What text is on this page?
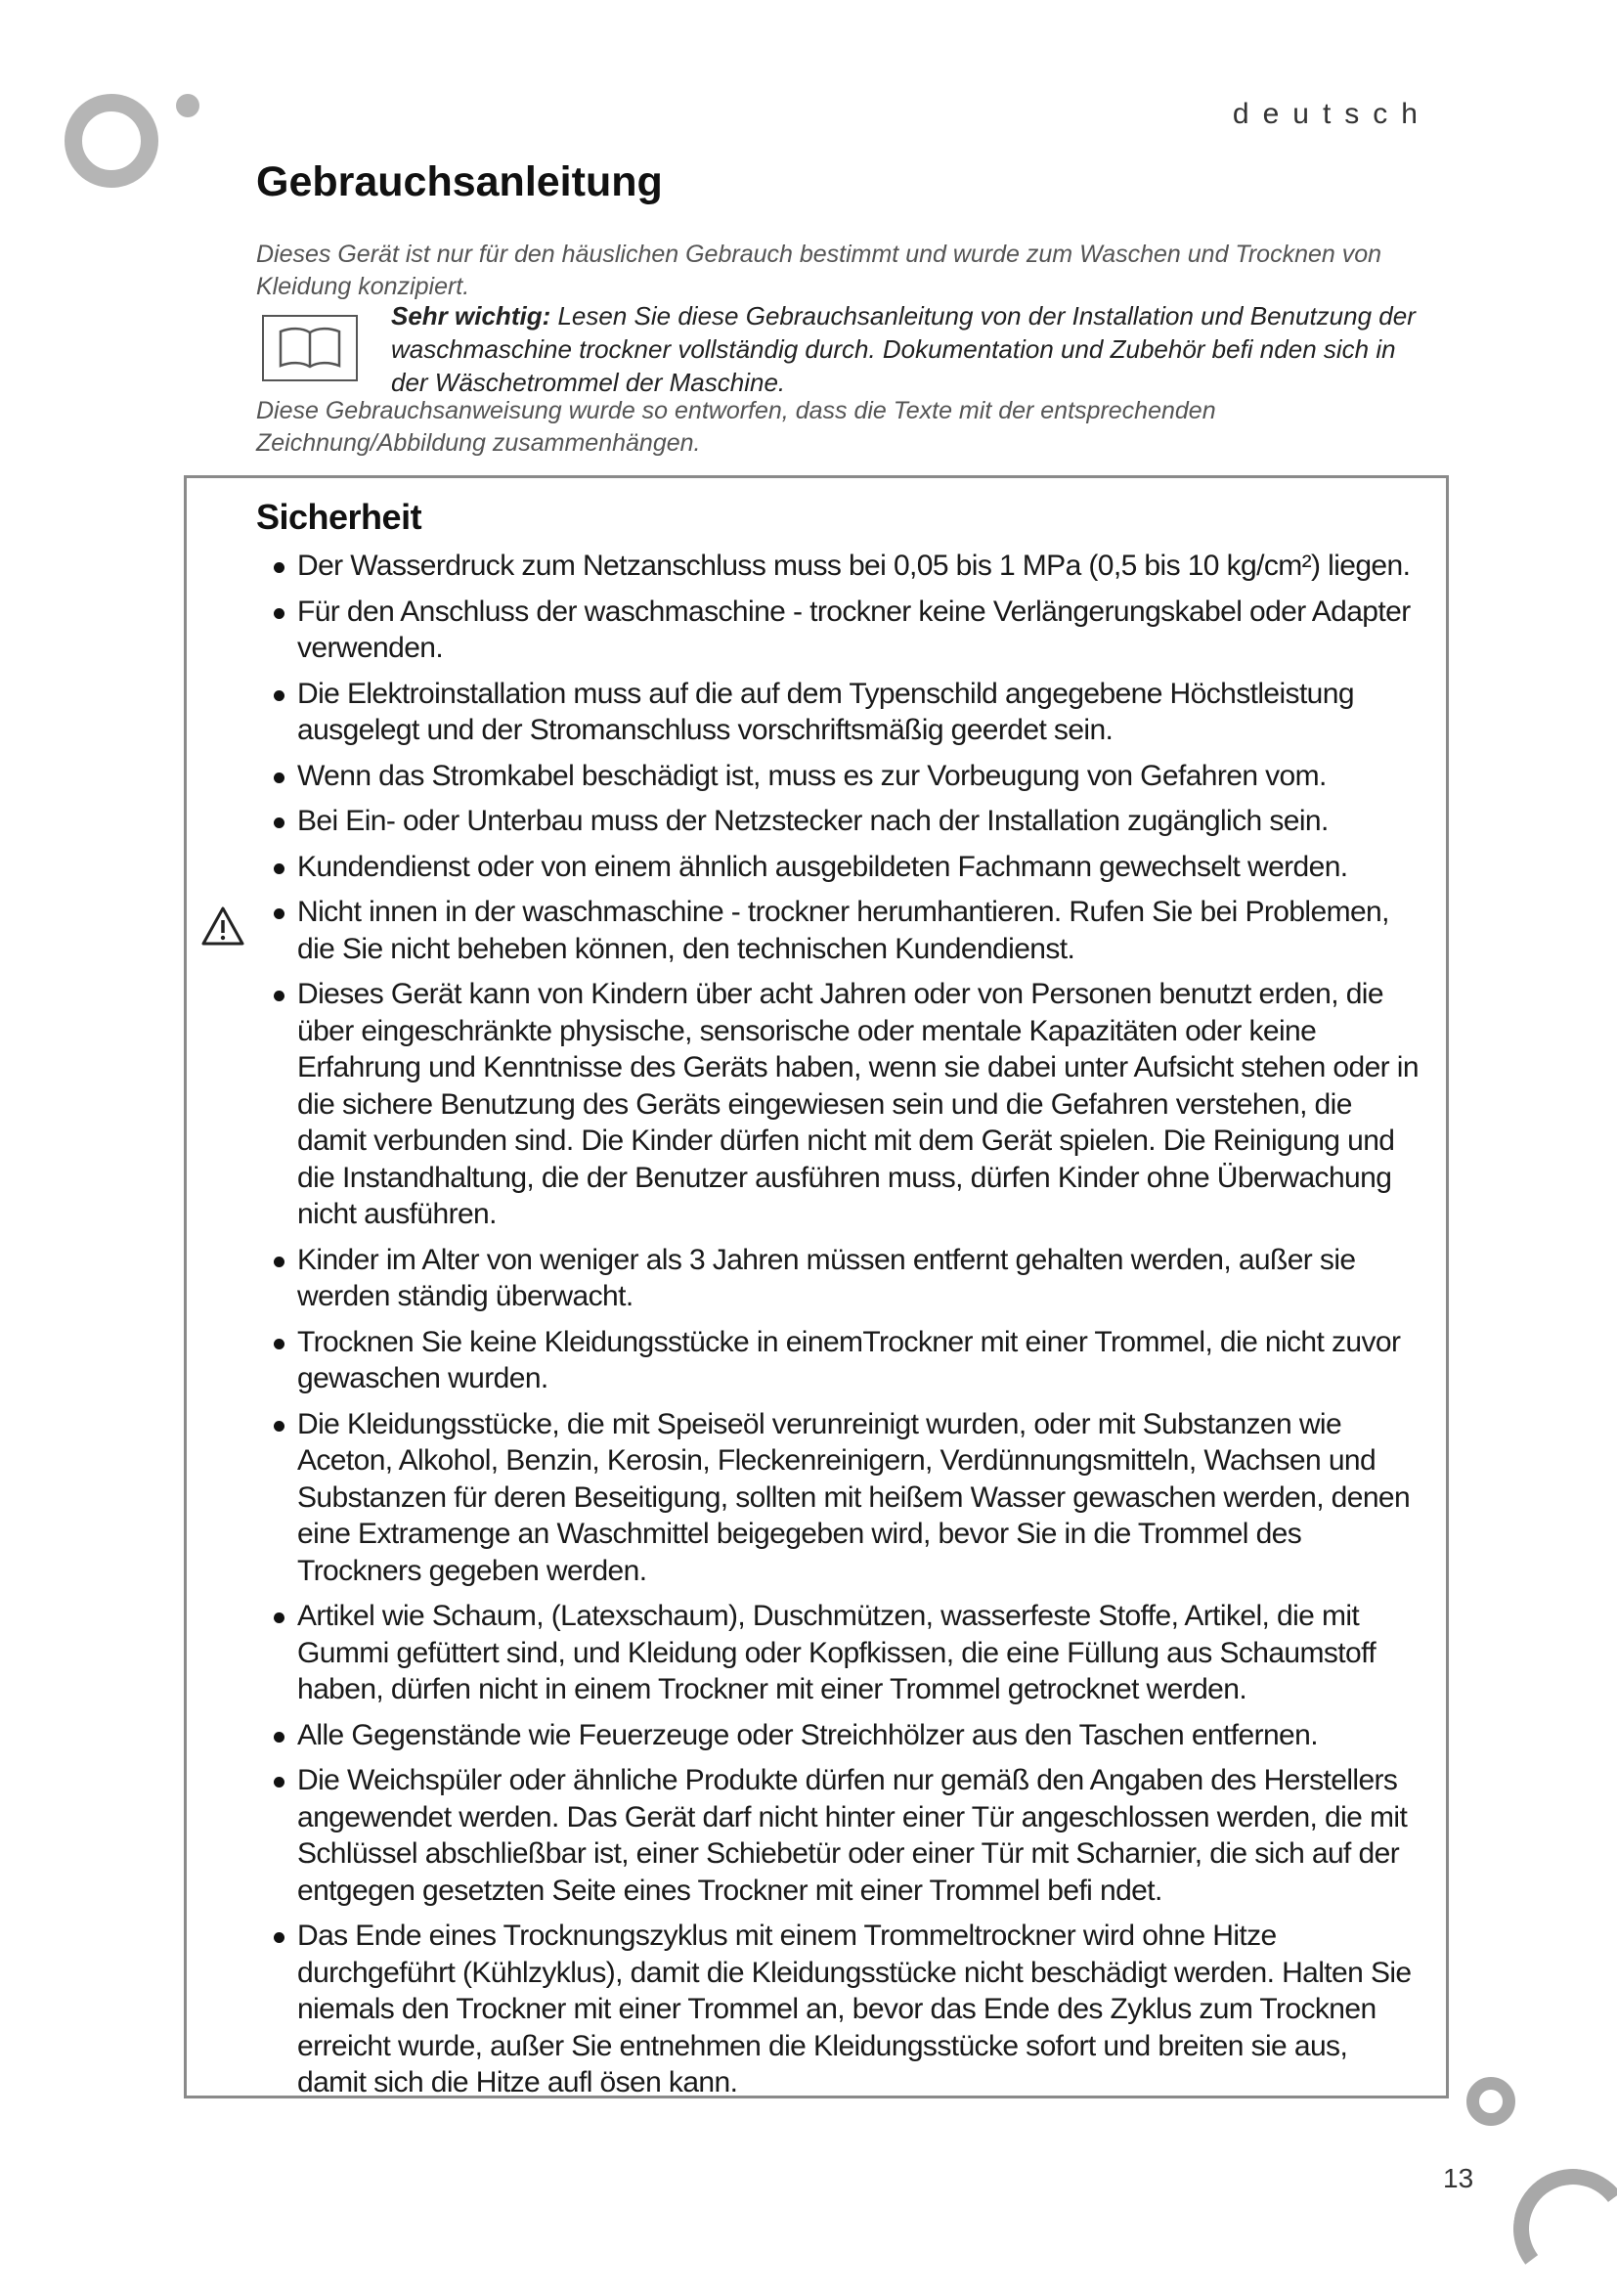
deutsch
Gebrauchsanleitung

Dieses Gerät ist nur für den häuslichen Gebrauch bestimmt und wurde zum Waschen und Trocknen von Kleidung konzipiert.

Sehr wichtig: Lesen Sie diese Gebrauchsanleitung von der Installation und Benutzung der waschmaschine trockner vollständig durch. Dokumentation und Zubehör befi nden sich in der Wäschetrommel der Maschine.

Diese Gebrauchsanweisung wurde so entworfen, dass die Texte mit der entsprechenden Zeichnung/Abbildung zusammenhängen.

Sicherheit
Der Wasserdruck zum Netzanschluss muss bei 0,05 bis 1 MPa (0,5 bis 10 kg/cm²) liegen.
Für den Anschluss der waschmaschine - trockner keine Verlängerungskabel oder Adapter verwenden.
Die Elektroinstallation muss auf die auf dem Typenschild angegebene Höchstleistung ausgelegt und der Stromanschluss vorschriftsmäßig geerdet sein.
Wenn das Stromkabel beschädigt ist, muss es zur Vorbeugung von Gefahren vom.
Bei Ein- oder Unterbau muss der Netzstecker nach der Installation zugänglich sein.
Kundendienst oder von einem ähnlich ausgebildeten Fachmann gewechselt werden.
Nicht innen in der waschmaschine - trockner herumhantieren. Rufen Sie bei Problemen, die Sie nicht beheben können, den technischen Kundendienst.
Dieses Gerät kann von Kindern über acht Jahren oder von Personen benutzt erden, die über eingeschränkte physische, sensorische oder mentale Kapazitäten oder keine Erfahrung und Kenntnisse des Geräts haben, wenn sie dabei unter Aufsicht stehen oder in die sichere Benutzung des Geräts eingewiesen sein und die Gefahren verstehen, die damit verbunden sind. Die Kinder dürfen nicht mit dem Gerät spielen. Die Reinigung und die Instandhaltung, die der Benutzer ausführen muss, dürfen Kinder ohne Überwachung nicht ausführen.
Kinder im Alter von weniger als 3 Jahren müssen entfernt gehalten werden, außer sie werden ständig überwacht.
Trocknen Sie keine Kleidungsstücke in einemTrockner mit einer Trommel, die nicht zuvor gewaschen wurden.
Die Kleidungsstücke, die mit Speiseöl verunreinigt wurden, oder mit Substanzen wie Aceton, Alkohol, Benzin, Kerosin, Fleckenreinigern, Verdünnungsmitteln, Wachsen und Substanzen für deren Beseitigung, sollten mit heißem Wasser gewaschen werden, denen eine Extramenge an Waschmittel beigegeben wird, bevor Sie in die Trommel des Trockners gegeben werden.
Artikel wie Schaum, (Latexschaum), Duschmützen, wasserfeste Stoffe, Artikel, die mit Gummi gefüttert sind, und Kleidung oder Kopfkissen, die eine Füllung aus Schaumstoff haben, dürfen nicht in einem Trockner mit einer Trommel getrocknet werden.
Alle Gegenstände wie Feuerzeuge oder Streichhölzer aus den Taschen entfernen.
Die Weichspüler oder ähnliche Produkte dürfen nur gemäß den Angaben des Herstellers angewendet werden. Das Gerät darf nicht hinter einer Tür angeschlossen werden, die mit Schlüssel abschließbar ist, einer Schiebetür oder einer Tür mit Scharnier, die sich auf der entgegen gesetzten Seite eines Trockner mit einer Trommel befi ndet.
Das Ende eines Trocknungszyklus mit einem Trommeltrockner wird ohne Hitze durchgeführt (Kühlzyklus), damit die Kleidungsstücke nicht beschädigt werden. Halten Sie niemals den Trockner mit einer Trommel an, bevor das Ende des Zyklus zum Trocknen erreicht wurde, außer Sie entnehmen die Kleidungsstücke sofort und breiten sie aus, damit sich die Hitze aufl ösen kann.
13
